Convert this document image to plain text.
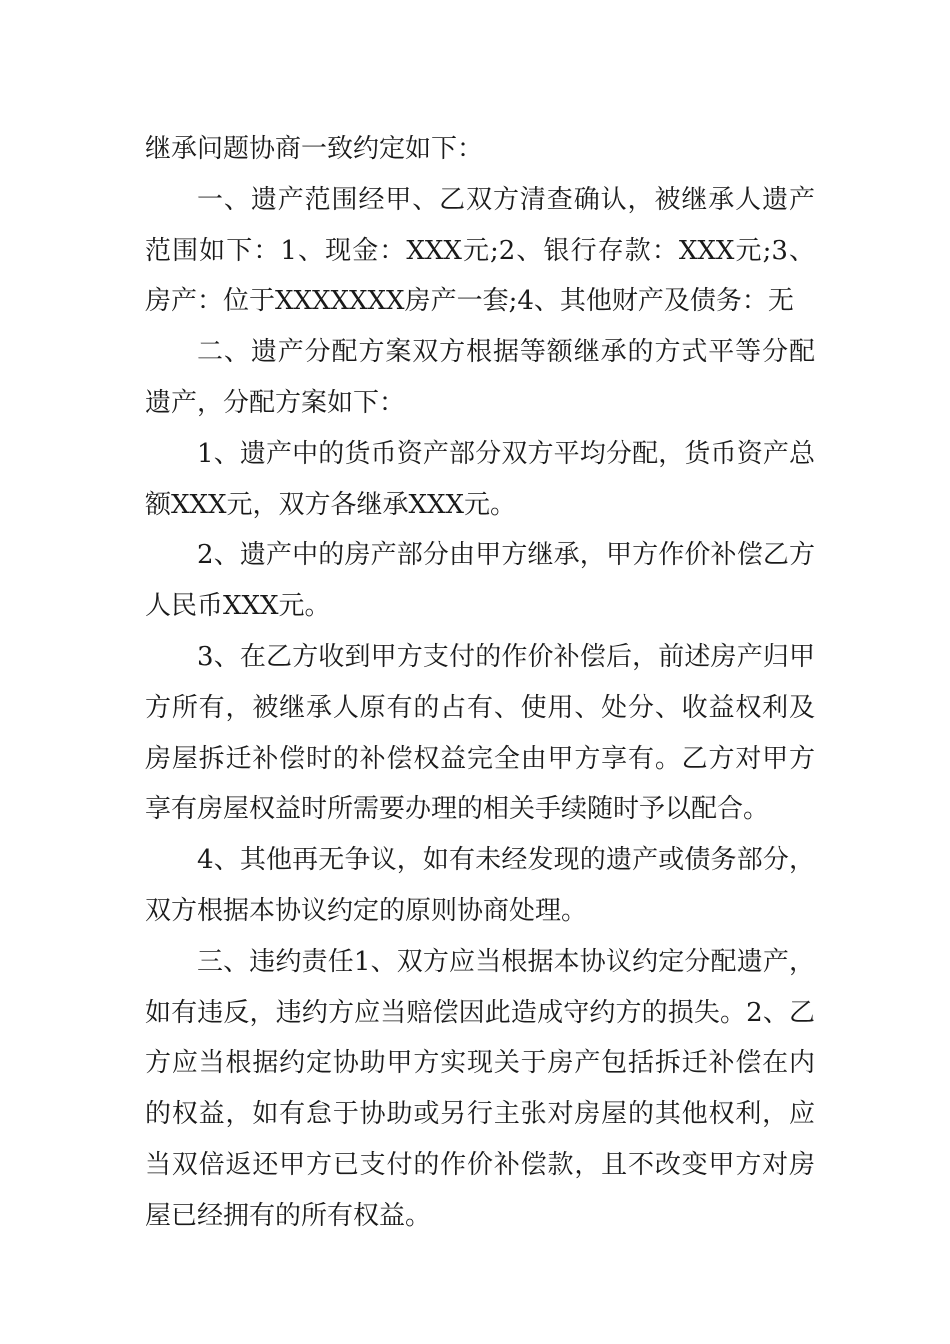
继承问题协商一致约定如下：

一、遗产范围经甲、乙双方清查确认，被继承人遗产范围如下：1、现金：XXX元;2、银行存款：XXX元;3、房产：位于XXXXXXX房产一套;4、其他财产及债务：无

二、遗产分配方案双方根据等额继承的方式平等分配遗产，分配方案如下：

1、遗产中的货币资产部分双方平均分配，货币资产总额XXX元，双方各继承XXX元。

2、遗产中的房产部分由甲方继承，甲方作价补偿乙方人民币XXX元。

3、在乙方收到甲方支付的作价补偿后，前述房产归甲方所有，被继承人原有的占有、使用、处分、收益权利及房屋拆迁补偿时的补偿权益完全由甲方享有。乙方对甲方享有房屋权益时所需要办理的相关手续随时予以配合。

4、其他再无争议，如有未经发现的遗产或债务部分，双方根据本协议约定的原则协商处理。

三、违约责任1、双方应当根据本协议约定分配遗产，如有违反，违约方应当赔偿因此造成守约方的损失。2、乙方应当根据约定协助甲方实现关于房产包括拆迁补偿在内的权益，如有怠于协助或另行主张对房屋的其他权利，应当双倍返还甲方已支付的作价补偿款，且不改变甲方对房屋已经拥有的所有权益。
